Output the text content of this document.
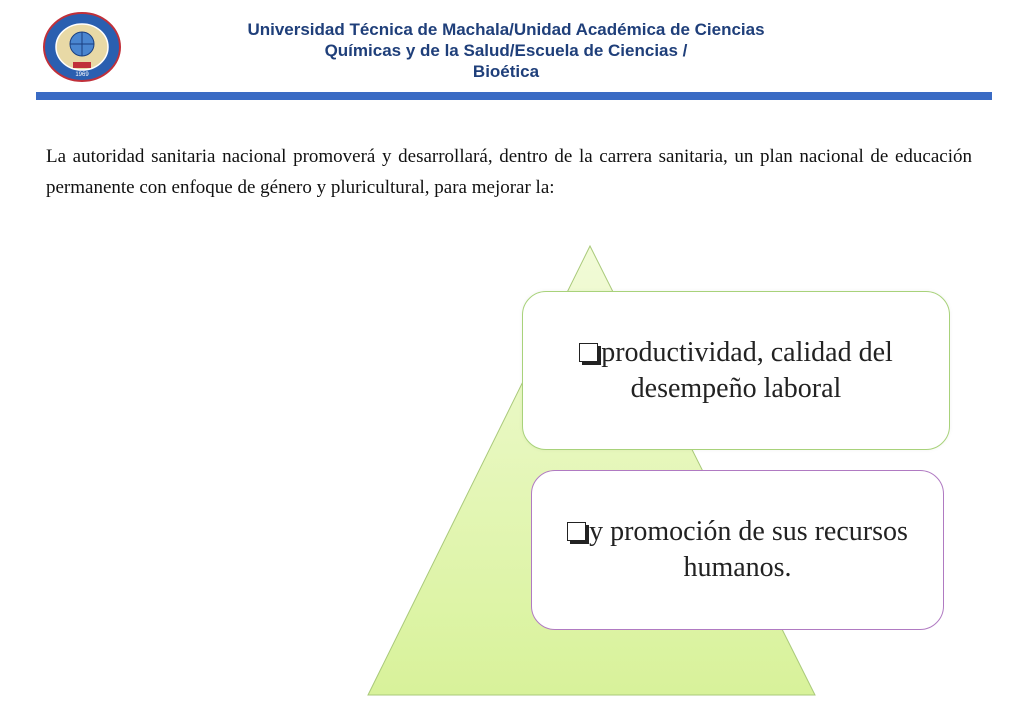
1969
Universidad Técnica de Machala/Unidad Académica de Ciencias
Químicas y de la Salud/Escuela de Ciencias /
Bioética
La autoridad sanitaria nacional promoverá y desarrollará, dentro de la carrera sanitaria, un plan nacional de educación permanente con enfoque de género y pluricultural, para mejorar la:
productividad, calidad del desempeño laboral
y promoción de sus recursos humanos.
